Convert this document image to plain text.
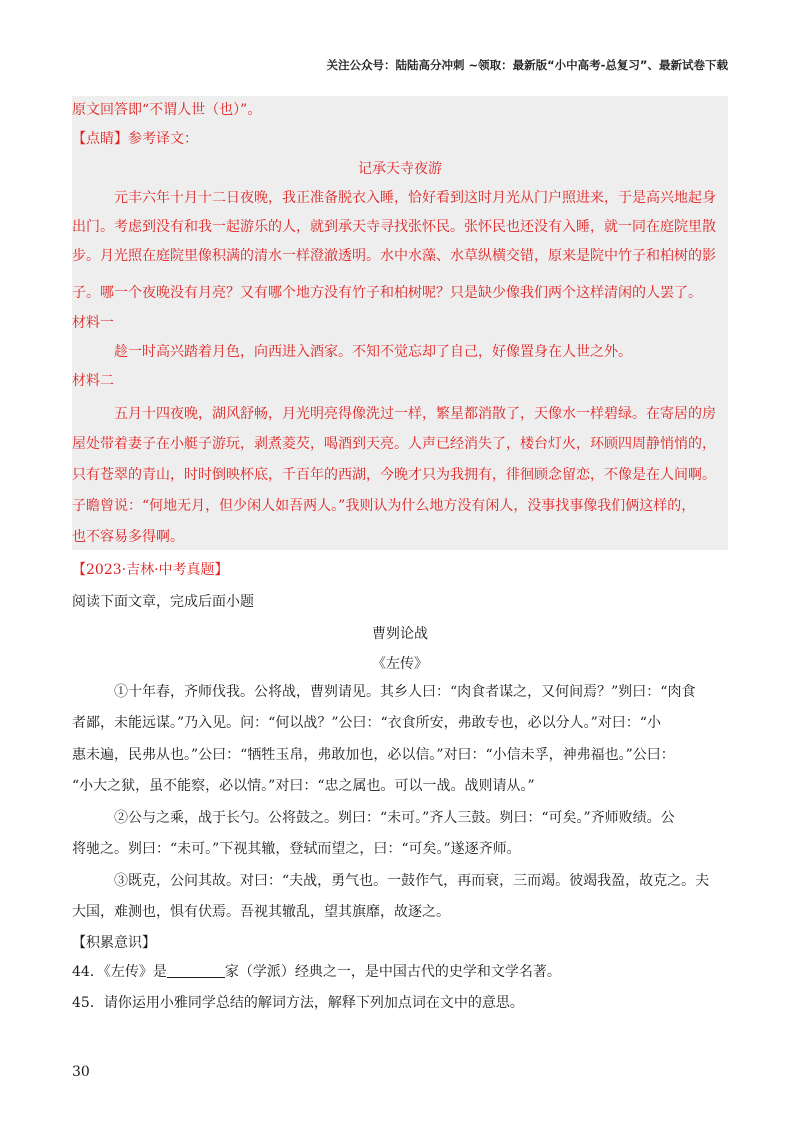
关注公众号：陆陆高分冲刺 ~领取：最新版“小中高考-总复习”、最新试卷下载
原文回答即“不谓人世（也）”。
【点睛】参考译文：
记承天寺夜游
元丰六年十月十二日夜晚，我正准备脱衣入睡，恰好看到这时月光从门户照进来，于是高兴地起身
出门。考虑到没有和我一起游乐的人，就到承天寺寻找张怀民。张怀民也还没有入睡，就一同在庭院里散
步。月光照在庭院里像积满的清水一样澄澈透明。水中水藻、水草纵横交错，原来是院中竹子和柏树的影
子。哪一个夜晚没有月亮？又有哪个地方没有竹子和柏树呢？只是缺少像我们两个这样清闲的人罢了。
材料一
趁一时高兴踏着月色，向西进入酒家。不知不觉忘却了自己，好像置身在人世之外。
材料二
五月十四夜晚，湖风舒畅，月光明亮得像洗过一样，繁星都消散了，天像水一样碧绿。在寄居的房
屋处带着妻子在小艇子游玩，剥煮菱芡，喝酒到天亮。人声已经消失了，楼台灯火，环顾四周静悄悄的，
只有苍翠的青山，时时倒映杯底，千百年的西湖，今晚才只为我拥有，徘徊顾念留恋，不像是在人间啊。
子瞻曾说：“何地无月，但少闲人如吾两人。”我则认为什么地方没有闲人，没事找事像我们俩这样的，
也不容易多得啊。
【2023·吉林·中考真题】
阅读下面文章，完成后面小题
曹刿论战
《左传》
①十年春，齐师伐我。公将战，曹刿请见。其乡人曰：“肉食者谋之，又何间焉？”刿曰：“肉食
者鄙，未能远谋。”乃入见。问：“何以战？”公曰：“衣食所安，弗敢专也，必以分人。”对曰：“小
惠未遍，民弗从也。”公曰：“牺牲玉帛，弗敢加也，必以信。”对曰：“小信未孚，神弗福也。”公曰：
“小大之狱，虽不能察，必以情。”对曰：“忠之属也。可以一战。战则请从。”
②公与之乘，战于长勺。公将鼓之。刿曰：“未可。”齐人三鼓。刿曰：“可矣。”齐师败绩。公
将驰之。刿曰：“未可。”下视其辙，登轼而望之，曰：“可矣。”遂逐齐师。
③既克，公问其故。对曰：“夫战，勇气也。一鼓作气，再而衰，三而竭。彼竭我盈，故克之。夫
大国，难测也，惧有伏焉。吾视其辙乱，望其旗靡，故逐之。
【积累意识】
44．《左传》是	家（学派）经典之一，是中国古代的史学和文学名著。
45．请你运用小雅同学总结的解词方法，解释下列加点词在文中的意思。
30
